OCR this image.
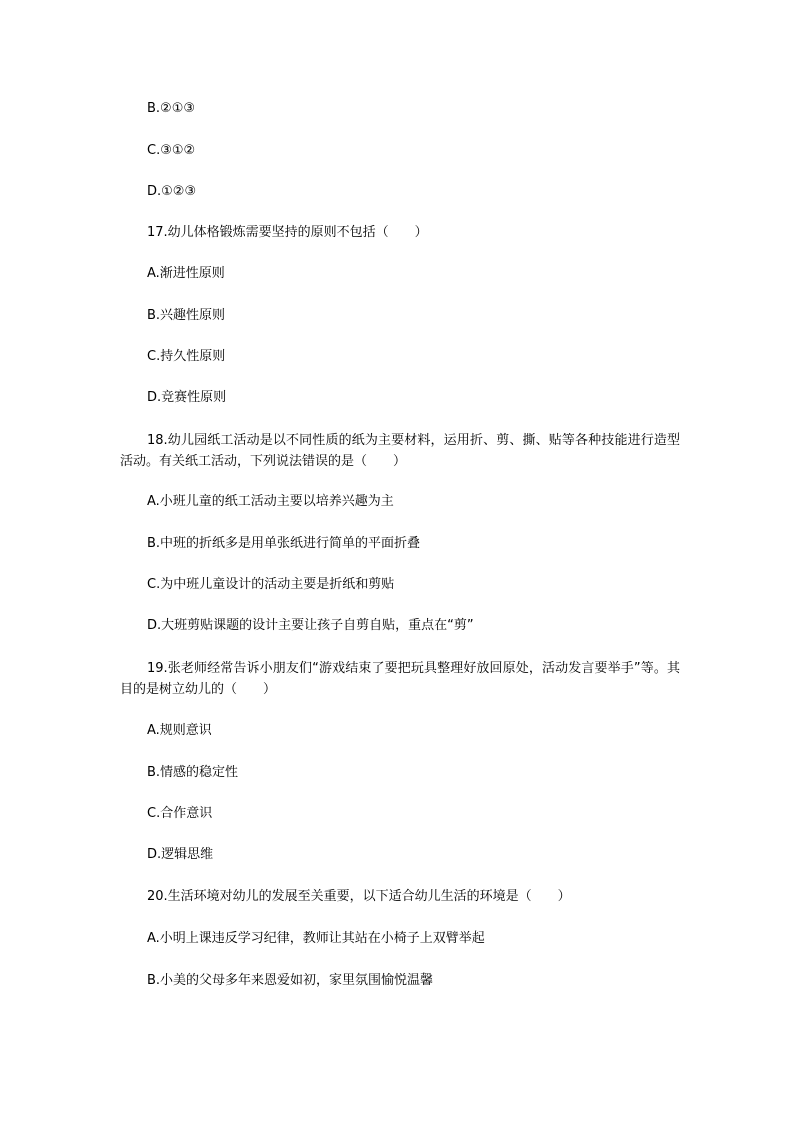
B.②①③
C.③①②
D.①②③
17.幼儿体格锻炼需要坚持的原则不包括（　　）
A.渐进性原则
B.兴趣性原则
C.持久性原则
D.竞赛性原则
18.幼儿园纸工活动是以不同性质的纸为主要材料，运用折、剪、撕、贴等各种技能进行造型活动。有关纸工活动，下列说法错误的是（　　）
A.小班儿童的纸工活动主要以培养兴趣为主
B.中班的折纸多是用单张纸进行简单的平面折叠
C.为中班儿童设计的活动主要是折纸和剪贴
D.大班剪贴课题的设计主要让孩子自剪自贴，重点在“剪”
19.张老师经常告诉小朋友们“游戏结束了要把玩具整理好放回原处，活动发言要举手”等。其目的是树立幼儿的（　　）
A.规则意识
B.情感的稳定性
C.合作意识
D.逻辑思维
20.生活环境对幼儿的发展至关重要，以下适合幼儿生活的环境是（　　）
A.小明上课违反学习纪律，教师让其站在小椅子上双臂举起
B.小美的父母多年来恩爱如初，家里氛围愉悦温馨
